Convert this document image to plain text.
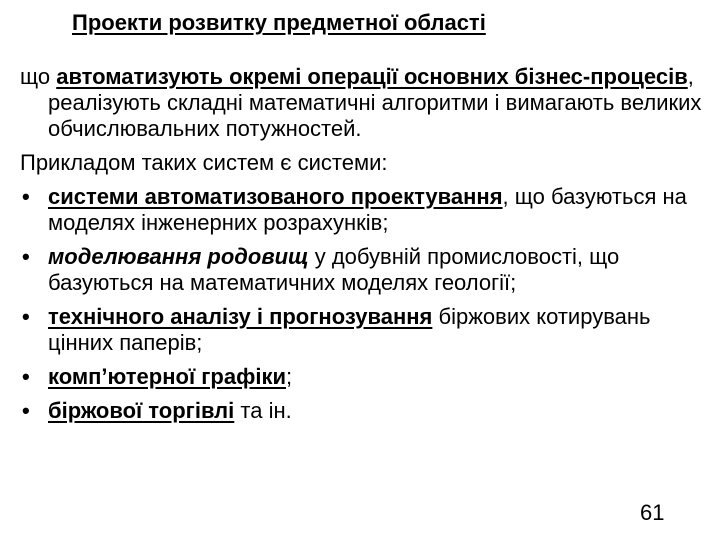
Проекти розвитку предметної області

що автоматизують окремі операції основних бізнес-процесів, реалізують складні математичні алгоритми і вимагають великих обчислювальних потужностей.

Прикладом таких систем є системи:

• системи автоматизованого проектування, що базуються на моделях інженерних розрахунків;
• моделювання родовищ у добувній промисловості, що базуються на математичних моделях геології;
• технічного аналізу і прогнозування біржових котирувань цінних паперів;
• комп’ютерної графіки;
• біржової торгівлі та ін.
61
